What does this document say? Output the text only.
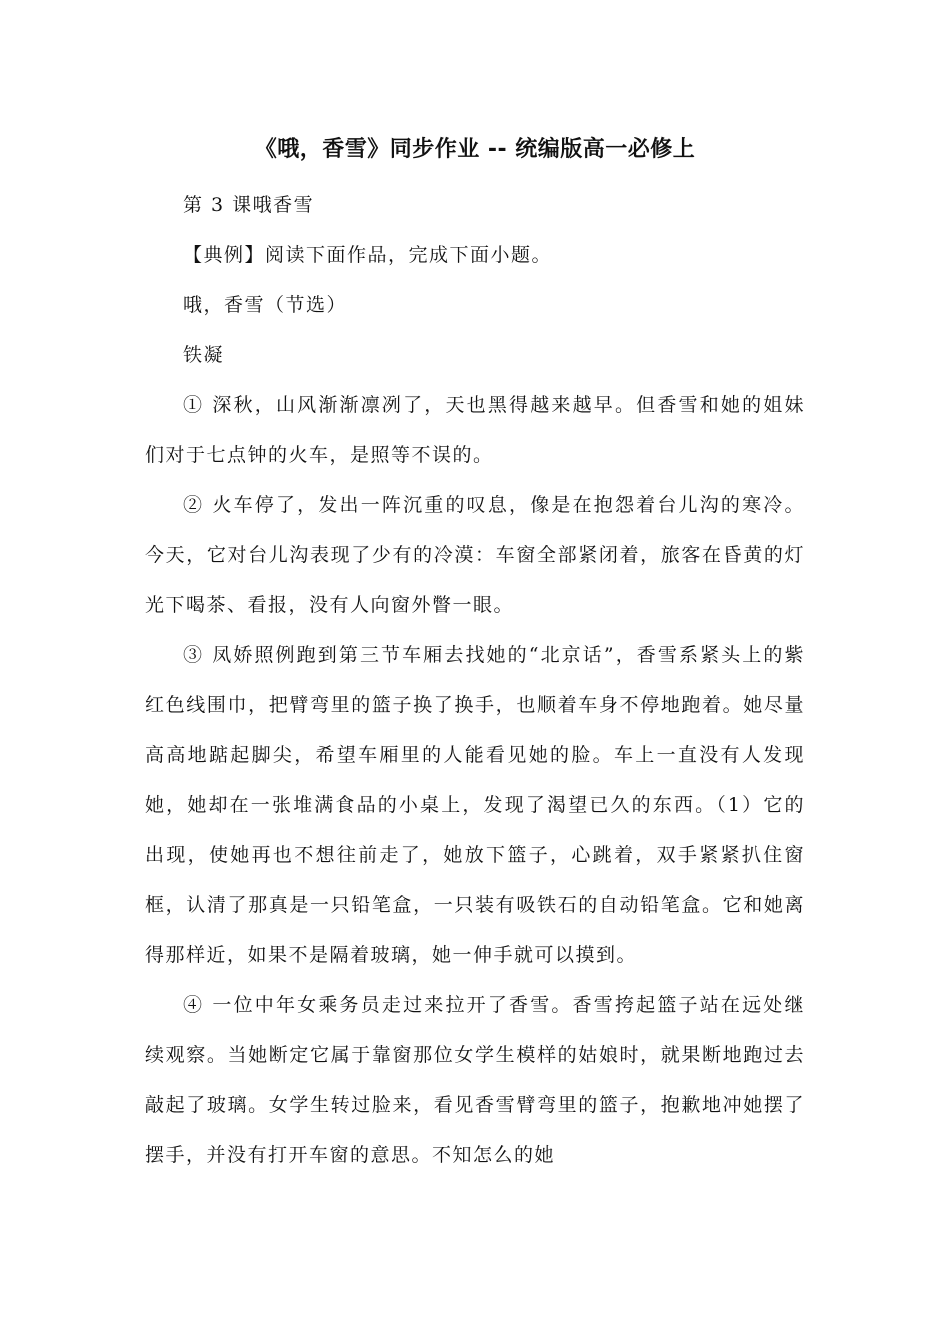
《哦，香雪》同步作业 -- 统编版高一必修上

第 3 课哦香雪

【典例】阅读下面作品，完成下面小题。

哦，香雪（节选）

铁凝

① 深秋，山风渐渐凛冽了，天也黑得越来越早。但香雪和她的姐妹们对于七点钟的火车，是照等不误的。

② 火车停了，发出一阵沉重的叹息，像是在抱怨着台儿沟的寒冷。今天，它对台儿沟表现了少有的冷漠：车窗全部紧闭着，旅客在昏黄的灯光下喝茶、看报，没有人向窗外瞥一眼。

③ 凤娇照例跑到第三节车厢去找她的“北京话”，香雪系紧头上的紫红色线围巾，把臂弯里的篮子换了换手，也顺着车身不停地跑着。她尽量高高地踮起脚尖，希望车厢里的人能看见她的脸。车上一直没有人发现她，她却在一张堆满食品的小桌上，发现了渴望已久的东西。（1）它的出现，使她再也不想往前走了，她放下篮子，心跳着，双手紧紧扒住窗框，认清了那真是一只铅笔盒，一只装有吸铁石的自动铅笔盒。它和她离得那样近，如果不是隔着玻璃，她一伸手就可以摸到。

④ 一位中年女乘务员走过来拉开了香雪。香雪挎起篮子站在远处继续观察。当她断定它属于靠窗那位女学生模样的姑娘时，就果断地跑过去敲起了玻璃。女学生转过脸来，看见香雪臂弯里的篮子，抱歉地冲她摆了摆手，并没有打开车窗的意思。不知怎么的她
